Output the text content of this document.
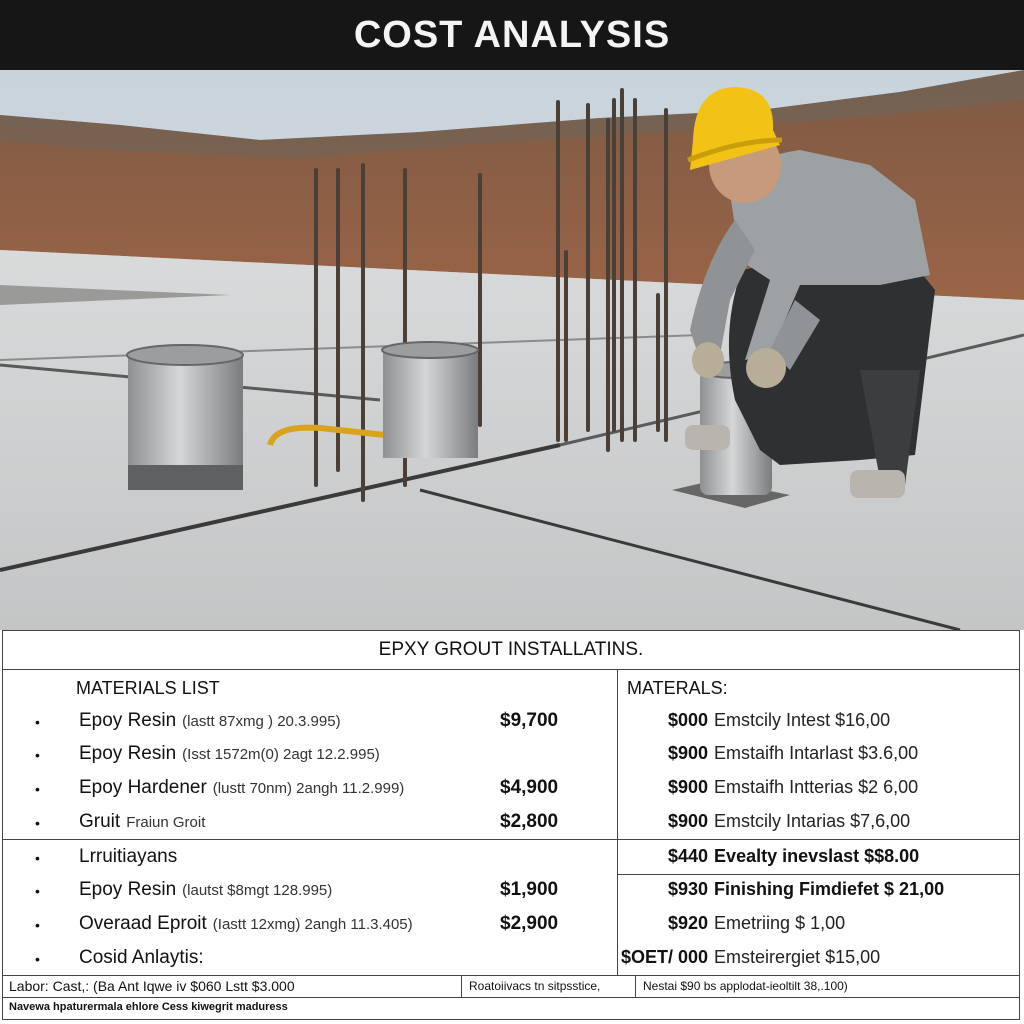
COST ANALYSIS
EPXY GROUT INSTALLATINS.
MATERIALS LIST
• Epoy Resin (lastt 87xmg ) 20.3.995)	$9,700
• Epoy Resin (Isst 1572m(0) 2agt 12.2.995)
• Epoy Hardener (lustt 70nm) 2angh 11.2.999)	$4,900
• Gruit Fraiun Groit	$2,800
• Lrruitiayans
• Epoy Resin (lautst $8mgt 128.995)	$1,900
• Overaad Eproit (Iastt 12xmg) 2angh 11.3.405)	$2,900
• Cosid Anlaytis:
MATERALS:
$000 Emstcily Intest $16,00
$900 Emstaifh Intarlast $3.6,00
$900 Emstaifh Intterias $2 6,00
$900 Emstcily Intarias $7,6,00
$440 Evealty inevslast $$8.00
$930 Finishing Fimdiefet $ 21,00
$920 Emetriing $ 1,00
$OET/ 000 Emsteirergiet $15,00
Labor: Cast,: (Ba Ant Iqwe iv $060 Lstt $3.000	Roatoiivacs tn sitpsstice,	Nestai $90 bs applodat-ieoltilt 38,.100)
Navewa hpaturermala ehlore Cess kiwegrit maduress
